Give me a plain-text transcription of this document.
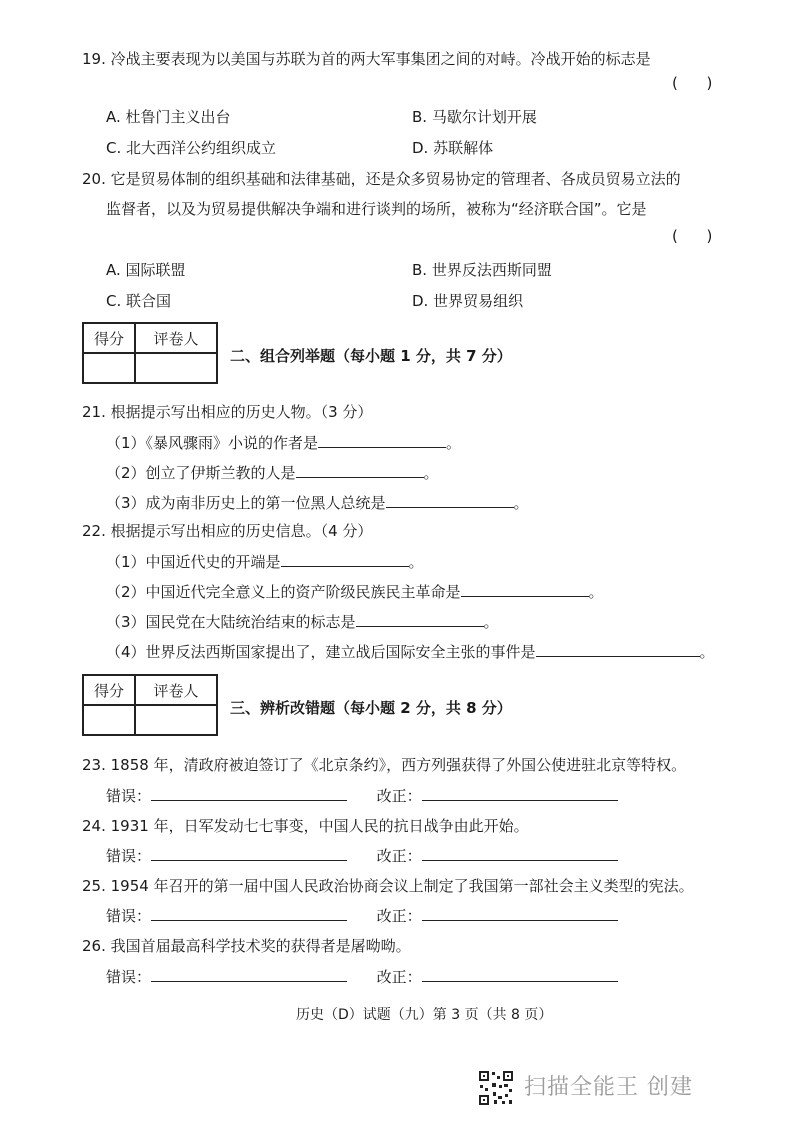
19. 冷战主要表现为以美国与苏联为首的两大军事集团之间的对峙。冷战开始的标志是
(      )
A. 杜鲁门主义出台	B. 马歇尔计划开展
C. 北大西洋公约组织成立	D. 苏联解体
20. 它是贸易体制的组织基础和法律基础，还是众多贸易协定的管理者、各成员贸易立法的
监督者，以及为贸易提供解决争端和进行谈判的场所，被称为“经济联合国”。它是
(      )
A. 国际联盟	B. 世界反法西斯同盟
C. 联合国	D. 世界贸易组织
得分	评卷人

二、组合列举题（每小题 1 分，共 7 分）
21. 根据提示写出相应的历史人物。（3 分）
（1）《暴风骤雨》小说的作者是	。
（2）创立了伊斯兰教的人是	。
（3）成为南非历史上的第一位黑人总统是	。
22. 根据提示写出相应的历史信息。（4 分）
（1）中国近代史的开端是	。
（2）中国近代完全意义上的资产阶级民族民主革命是	。
（3）国民党在大陆统治结束的标志是	。
（4）世界反法西斯国家提出了，建立战后国际安全主张的事件是	。
得分	评卷人

三、辨析改错题（每小题 2 分，共 8 分）
23. 1858 年，清政府被迫签订了《北京条约》，西方列强获得了外国公使进驻北京等特权。
错误：	改正：
24. 1931 年，日军发动七七事变，中国人民的抗日战争由此开始。
错误：	改正：
25. 1954 年召开的第一届中国人民政治协商会议上制定了我国第一部社会主义类型的宪法。
错误：	改正：
26. 我国首届最高科学技术奖的获得者是屠呦呦。
错误：	改正：
历史（D）试题（九）第 3 页（共 8 页）
扫描全能王 创建
